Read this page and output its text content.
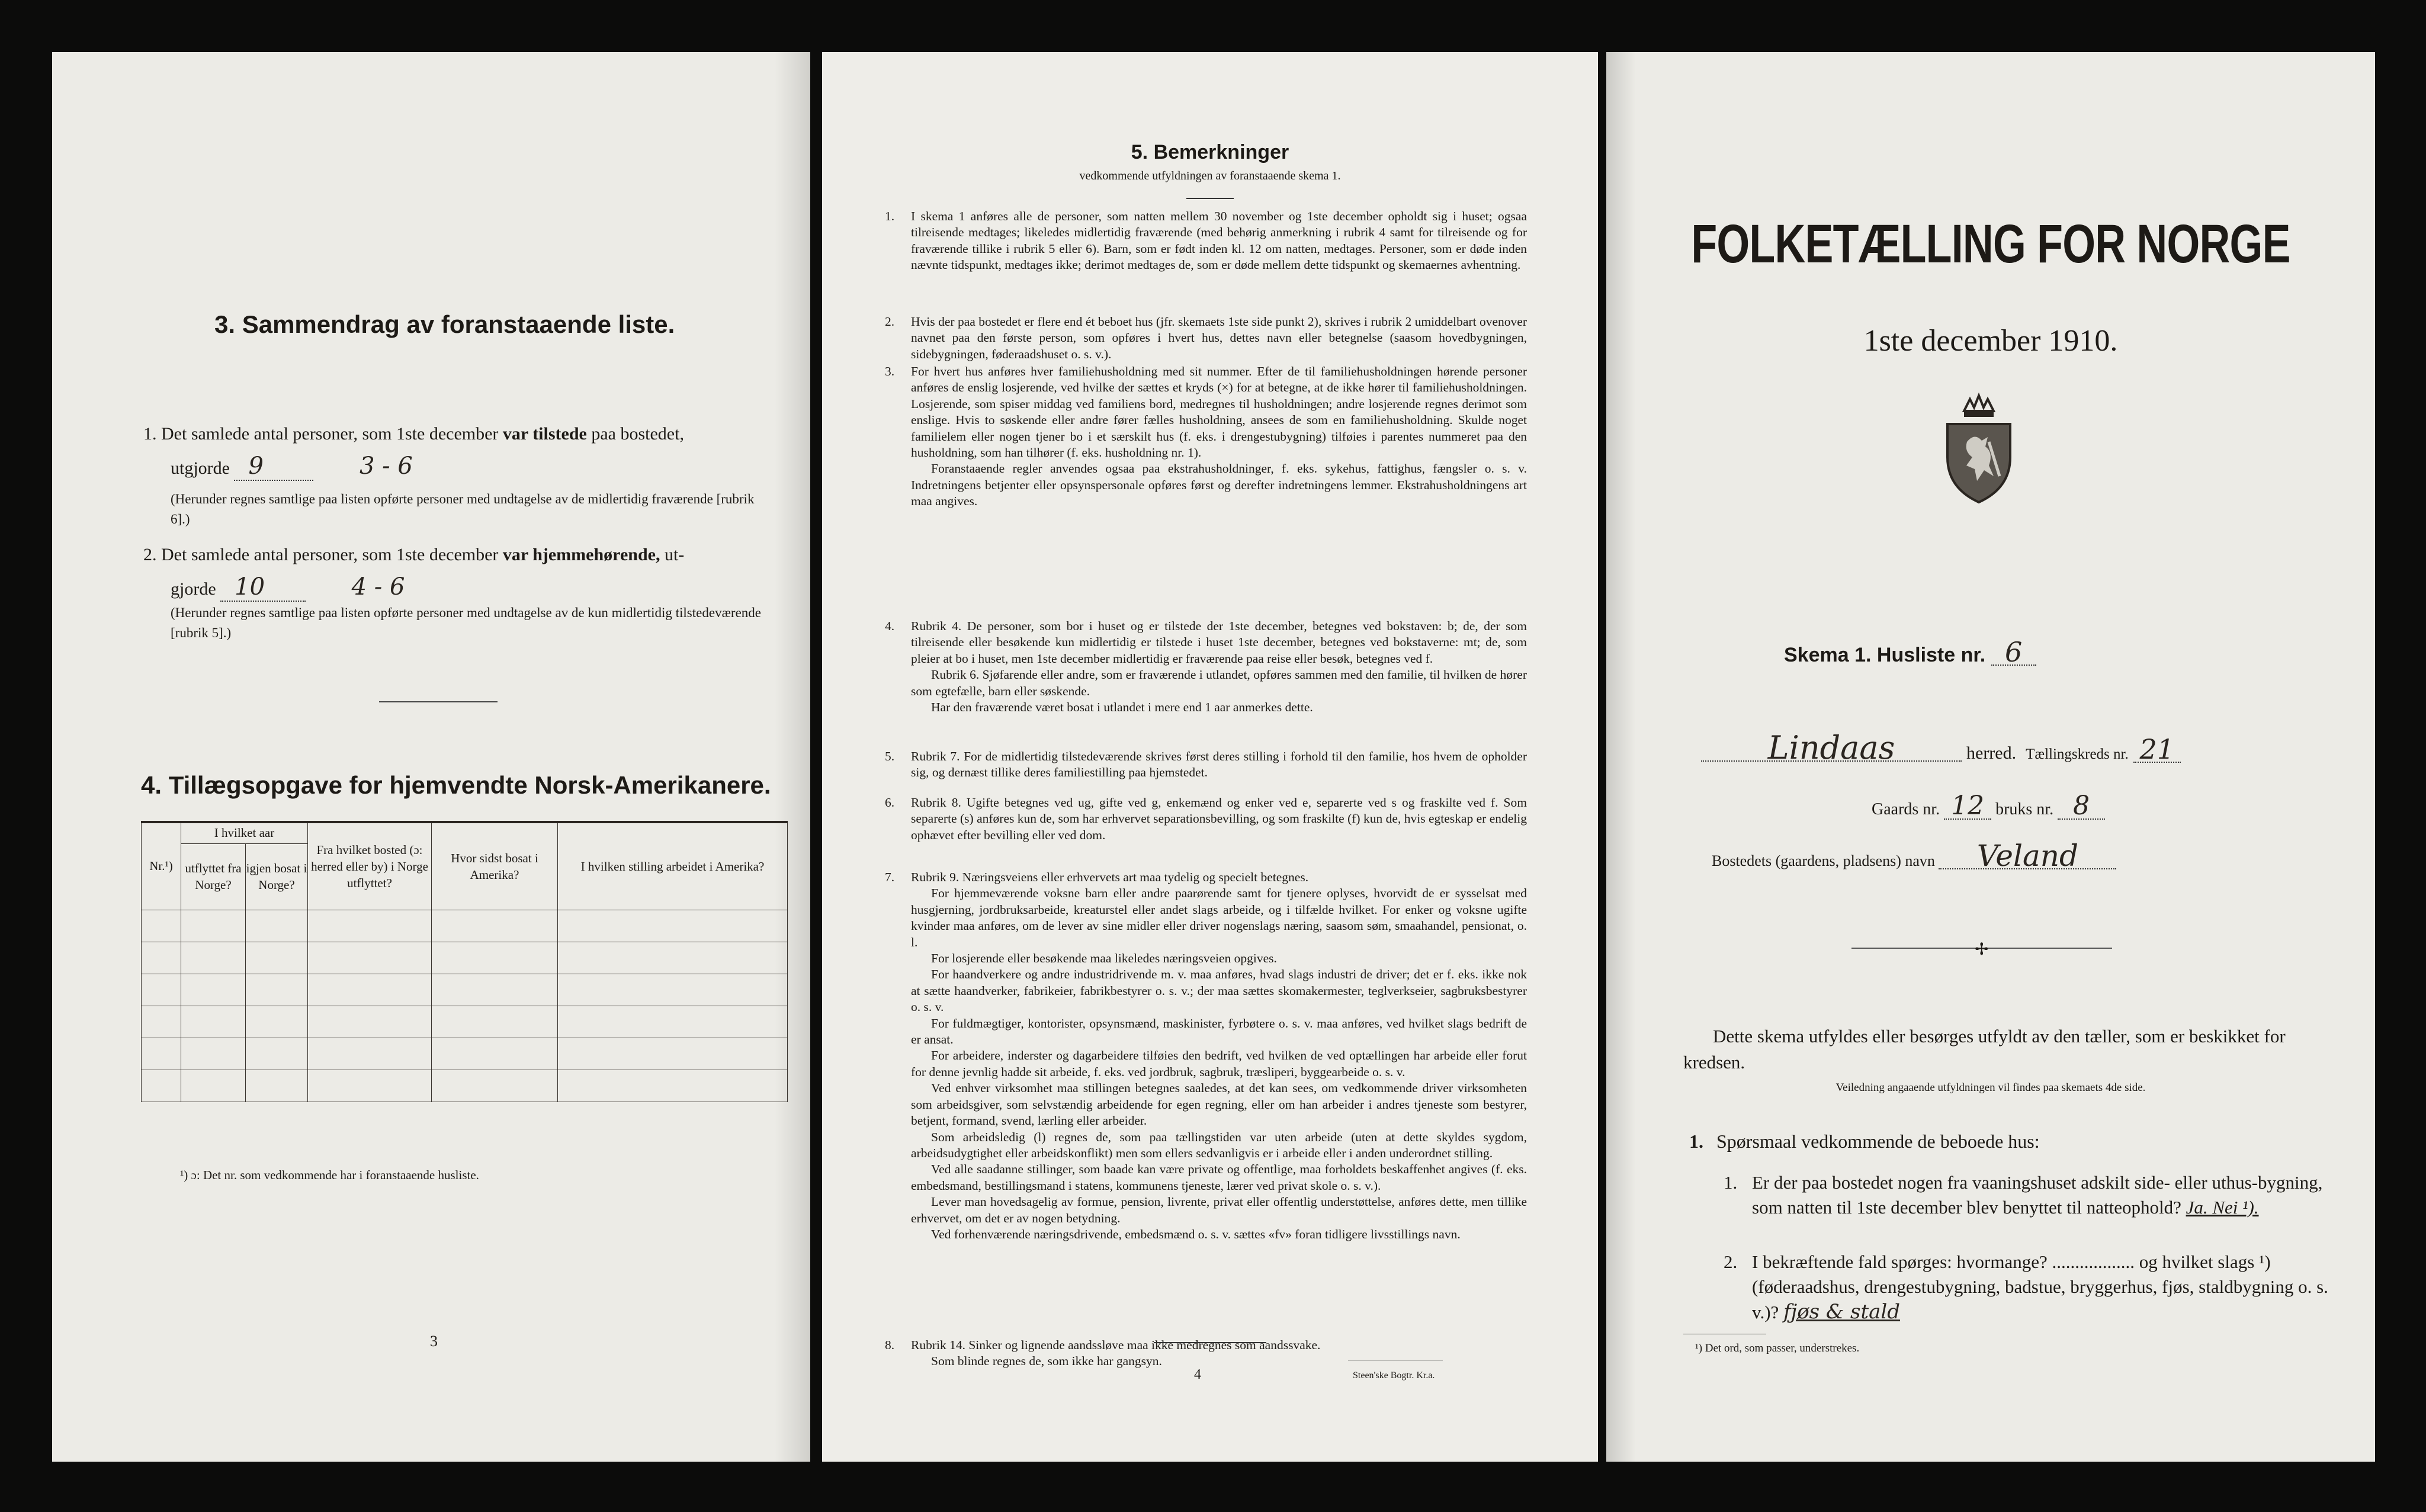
3. Sammendrag av foranstaaende liste.
1. Det samlede antal personer, som 1ste december var tilstede paa bostedet,
utgjorde 9	3 - 6
(Herunder regnes samtlige paa listen opførte personer med undtagelse av de midlertidig fraværende [rubrik 6].)
2. Det samlede antal personer, som 1ste december var hjemmehørende, ut-
gjorde 10	4 - 6
(Herunder regnes samtlige paa listen opførte personer med undtagelse av de kun midlertidig tilstedeværende [rubrik 5].)
4. Tillægsopgave for hjemvendte Norsk-Amerikanere.
Nr.¹)	I hvilket aar		Fra hvilket bosted (ɔ: herred eller by) i Norge utflyttet?	Hvor sidst bosat i Amerika?	I hvilken stilling arbeidet i Amerika?
	utflyttet fra Norge?	igjen bosat i Norge?			

¹) ɔ: Det nr. som vedkommende har i foranstaaende husliste.
3
5. Bemerkninger
vedkommende utfyldningen av foranstaaende skema 1.
1. I skema 1 anføres alle de personer, som natten mellem 30 november og 1ste december opholdt sig i huset; ogsaa tilreisende medtages; likeledes midlertidig fraværende (med behørig anmerkning i rubrik 4 samt for tilreisende og for fraværende tillike i rubrik 5 eller 6). Barn, som er født inden kl. 12 om natten, medtages. Personer, som er døde inden nævnte tidspunkt, medtages ikke; derimot medtages de, som er døde mellem dette tidspunkt og skemaernes avhentning.

2. Hvis der paa bostedet er flere end ét beboet hus (jfr. skemaets 1ste side punkt 2), skrives i rubrik 2 umiddelbart ovenover navnet paa den første person, som opføres i hvert hus, dettes navn eller betegnelse (saasom hovedbygningen, sidebygningen, føderaadshuset o. s. v.).

3. For hvert hus anføres hver familiehusholdning med sit nummer. Efter de til familiehusholdningen hørende personer anføres de enslig losjerende, ved hvilke der sættes et kryds (×) for at betegne, at de ikke hører til familiehusholdningen. Losjerende, som spiser middag ved familiens bord, medregnes til husholdningen; andre losjerende regnes derimot som enslige. Hvis to søskende eller andre fører fælles husholdning, ansees de som en familiehusholdning. Skulde noget familielem eller nogen tjener bo i et særskilt hus (f. eks. i drengestubygning) tilføies i parentes nummeret paa den husholdning, som han tilhører (f. eks. husholdning nr. 1).

Foranstaaende regler anvendes ogsaa paa ekstrahusholdninger, f. eks. sykehus, fattighus, fængsler o. s. v. Indretningens betjenter eller opsynspersonale opføres først og derefter indretningens lemmer. Ekstrahusholdningens art maa angives.

4. Rubrik 4. De personer, som bor i huset og er tilstede der 1ste december, betegnes ved bokstaven: b; de, der som tilreisende eller besøkende kun midlertidig er tilstede i huset 1ste december, betegnes ved bokstaverne: mt; de, som pleier at bo i huset, men 1ste december midlertidig er fraværende paa reise eller besøk, betegnes ved f.

Rubrik 6. Sjøfarende eller andre, som er fraværende i utlandet, opføres sammen med den familie, til hvilken de hører som egtefælle, barn eller søskende.

Har den fraværende været bosat i utlandet i mere end 1 aar anmerkes dette.

5. Rubrik 7. For de midlertidig tilstedeværende skrives først deres stilling i forhold til den familie, hos hvem de opholder sig, og dernæst tillike deres familiestilling paa hjemstedet.

6. Rubrik 8. Ugifte betegnes ved ug, gifte ved g, enkemænd og enker ved e, separerte ved s og fraskilte ved f. Som separerte (s) anføres kun de, som har erhvervet separationsbevilling, og som fraskilte (f) kun de, hvis egteskap er endelig ophævet efter bevilling eller ved dom.

7. Rubrik 9. Næringsveiens eller erhvervets art maa tydelig og specielt betegnes.

For hjemmeværende voksne barn eller andre paarørende samt for tjenere oplyses, hvorvidt de er sysselsat med husgjerning, jordbruksarbeide, kreaturstel eller andet slags arbeide, og i tilfælde hvilket. For enker og voksne ugifte kvinder maa anføres, om de lever av sine midler eller driver nogenslags næring, saasom søm, smaahandel, pensionat, o. l.

For losjerende eller besøkende maa likeledes næringsveien opgives.

For haandverkere og andre industridrivende m. v. maa anføres, hvad slags industri de driver; det er f. eks. ikke nok at sætte haandverker, fabrikeier, fabrikbestyrer o. s. v.; der maa sættes skomakermester, teglverkseier, sagbruksbestyrer o. s. v.

For fuldmægtiger, kontorister, opsynsmænd, maskinister, fyrbøtere o. s. v. maa anføres, ved hvilket slags bedrift de er ansat.

For arbeidere, inderster og dagarbeidere tilføies den bedrift, ved hvilken de ved optællingen har arbeide eller forut for denne jevnlig hadde sit arbeide, f. eks. ved jordbruk, sagbruk, træsliperi, byggearbeide o. s. v.

Ved enhver virksomhet maa stillingen betegnes saaledes, at det kan sees, om vedkommende driver virksomheten som arbeidsgiver, som selvstændig arbeidende for egen regning, eller om han arbeider i andres tjeneste som bestyrer, betjent, formand, svend, lærling eller arbeider.

Som arbeidsledig (l) regnes de, som paa tællingstiden var uten arbeide (uten at dette skyldes sygdom, arbeidsudygtighet eller arbeidskonflikt) men som ellers sedvanligvis er i arbeide eller i anden underordnet stilling.

Ved alle saadanne stillinger, som baade kan være private og offentlige, maa forholdets beskaffenhet angives (f. eks. embedsmand, bestillingsmand i statens, kommunens tjeneste, lærer ved privat skole o. s. v.).

Lever man hovedsagelig av formue, pension, livrente, privat eller offentlig understøttelse, anføres dette, men tillike erhvervet, om det er av nogen betydning.

Ved forhenværende næringsdrivende, embedsmænd o. s. v. sættes «fv» foran tidligere livsstillings navn.

8. Rubrik 14. Sinker og lignende aandssløve maa ikke medregnes som aandssvake.

Som blinde regnes de, som ikke har gangsyn.

4	Steen'ske Bogtr. Kr.a.
FOLKETÆLLING FOR NORGE
1ste december 1910.
Skema 1. Husliste nr. 6
Lindaas	herred. Tællingskreds nr. 21
Gaards nr. 12 bruks nr. 8
Bostedets (gaardens, pladsens) navn Veland
✢
Dette skema utfyldes eller besørges utfyldt av den tæller, som er beskikket for kredsen.
Veiledning angaaende utfyldningen vil findes paa skemaets 4de side.
1. Spørsmaal vedkommende de beboede hus:
1. Er der paa bostedet nogen fra vaaningshuset adskilt side- eller uthus-bygning, som natten til 1ste december blev benyttet til natteophold? Ja. Nei ¹).
2. I bekræftende fald spørges: hvormange? .................. og hvilket slags ¹) (føderaadshus, drengestubygning, badstue, bryggerhus, fjøs, staldbygning o. s. v.)? fjøs & stald
¹) Det ord, som passer, understrekes.
